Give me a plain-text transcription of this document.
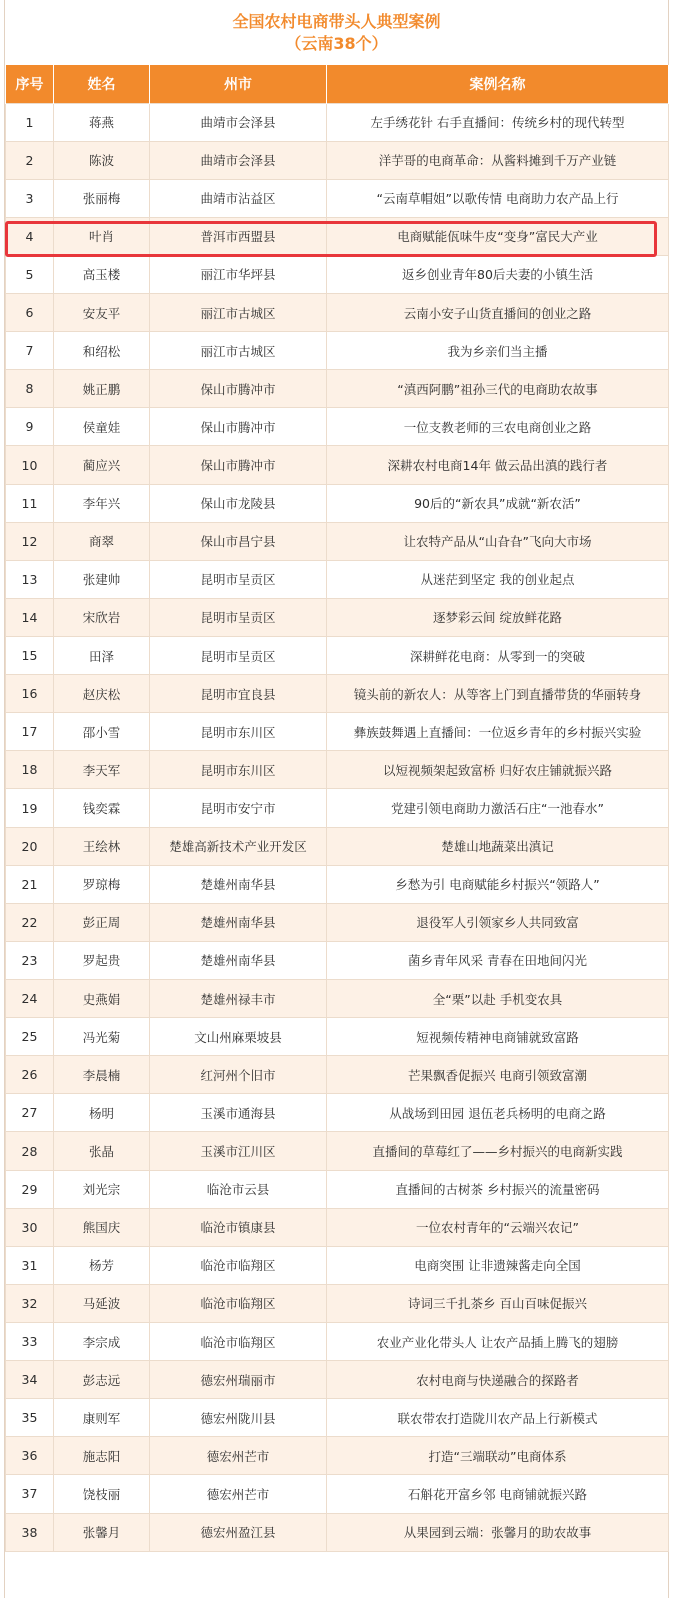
全国农村电商带头人典型案例
（云南38个）
序号	姓名	州市	案例名称
1	蒋燕	曲靖市会泽县	左手绣花针 右手直播间：传统乡村的现代转型
2	陈波	曲靖市会泽县	洋芋哥的电商革命：从酱料摊到千万产业链
3	张丽梅	曲靖市沾益区	“云南草帽姐”以歌传情 电商助力农产品上行
4	叶肖	普洱市西盟县	电商赋能佤味牛皮“变身”富民大产业
5	高玉楼	丽江市华坪县	返乡创业青年80后夫妻的小镇生活
6	安友平	丽江市古城区	云南小安子山货直播间的创业之路
7	和绍松	丽江市古城区	我为乡亲们当主播
8	姚正鹏	保山市腾冲市	“滇西阿鹏”祖孙三代的电商助农故事
9	侯童娃	保山市腾冲市	一位支教老师的三农电商创业之路
10	蔺应兴	保山市腾冲市	深耕农村电商14年 做云品出滇的践行者
11	李年兴	保山市龙陵县	90后的“新农具”成就“新农活”
12	商翠	保山市昌宁县	让农特产品从“山旮旮”飞向大市场
13	张建帅	昆明市呈贡区	从迷茫到坚定 我的创业起点
14	宋欣岩	昆明市呈贡区	逐梦彩云间 绽放鲜花路
15	田泽	昆明市呈贡区	深耕鲜花电商：从零到一的突破
16	赵庆松	昆明市宜良县	镜头前的新农人：从等客上门到直播带货的华丽转身
17	邵小雪	昆明市东川区	彝族鼓舞遇上直播间：一位返乡青年的乡村振兴实验
18	李天军	昆明市东川区	以短视频架起致富桥 归好农庄铺就振兴路
19	钱奕霖	昆明市安宁市	党建引领电商助力激活石庄“一池春水”
20	王绘林	楚雄高新技术产业开发区	楚雄山地蔬菜出滇记
21	罗琼梅	楚雄州南华县	乡愁为引 电商赋能乡村振兴“领路人”
22	彭正周	楚雄州南华县	退役军人引领家乡人共同致富
23	罗起贵	楚雄州南华县	菌乡青年风采 青春在田地间闪光
24	史燕娟	楚雄州禄丰市	全“栗”以赴 手机变农具
25	冯光菊	文山州麻栗坡县	短视频传精神电商铺就致富路
26	李晨楠	红河州个旧市	芒果飘香促振兴 电商引领致富潮
27	杨明	玉溪市通海县	从战场到田园 退伍老兵杨明的电商之路
28	张晶	玉溪市江川区	直播间的草莓红了——乡村振兴的电商新实践
29	刘光宗	临沧市云县	直播间的古树茶 乡村振兴的流量密码
30	熊国庆	临沧市镇康县	一位农村青年的“云端兴农记”
31	杨芳	临沧市临翔区	电商突围 让非遗辣酱走向全国
32	马延波	临沧市临翔区	诗词三千扎茶乡 百山百味促振兴
33	李宗成	临沧市临翔区	农业产业化带头人 让农产品插上腾飞的翅膀
34	彭志远	德宏州瑞丽市	农村电商与快递融合的探路者
35	康则军	德宏州陇川县	联农带农打造陇川农产品上行新模式
36	施志阳	德宏州芒市	打造“三端联动”电商体系
37	饶枝丽	德宏州芒市	石斛花开富乡邻 电商铺就振兴路
38	张馨月	德宏州盈江县	从果园到云端：张馨月的助农故事
